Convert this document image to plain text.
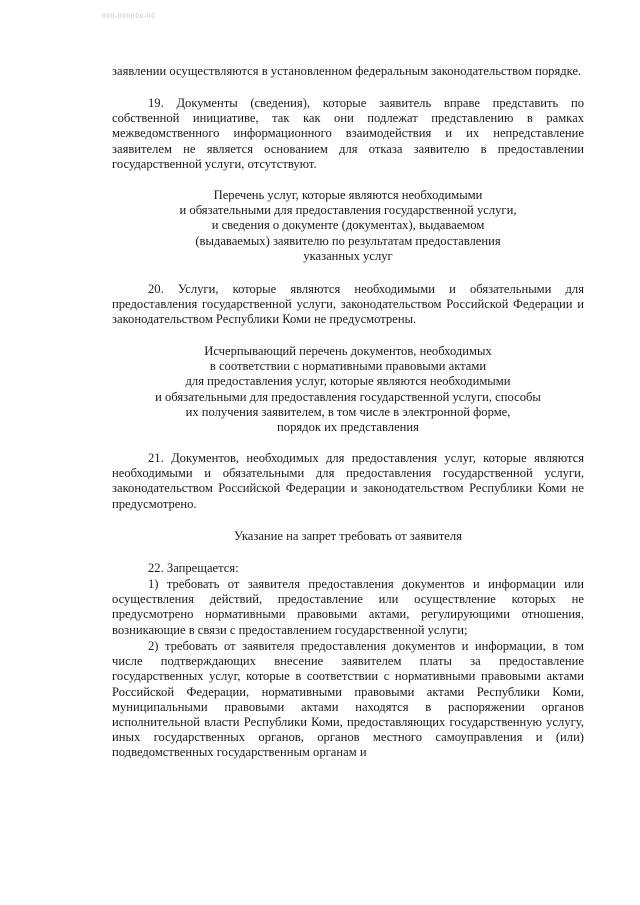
000-000000-00

заявлении осуществляются в установленном федеральным законодательством порядке.

19. Документы (сведения), которые заявитель вправе представить по собственной инициативе, так как они подлежат представлению в рамках межведомственного информационного взаимодействия и их непредставление заявителем не является основанием для отказа заявителю в предоставлении государственной услуги, отсутствуют.

Перечень услуг, которые являются необходимыми

и обязательными для предоставления государственной услуги,

и сведения о документе (документах), выдаваемом

(выдаваемых) заявителю по результатам предоставления

указанных услуг

20. Услуги, которые являются необходимыми и обязательными для предоставления государственной услуги, законодательством Российской Федерации и законодательством Республики Коми не предусмотрены.

Исчерпывающий перечень документов, необходимых

в соответствии с нормативными правовыми актами

для предоставления услуг, которые являются необходимыми

и обязательными для предоставления государственной услуги, способы

их получения заявителем, в том числе в электронной форме,

порядок их представления

21. Документов, необходимых для предоставления услуг, которые являются необходимыми и обязательными для предоставления государственной услуги, законодательством Российской Федерации и законодательством Республики Коми не предусмотрено.

Указание на запрет требовать от заявителя

22. Запрещается:

1) требовать от заявителя предоставления документов и информации или осуществления действий, предоставление или осуществление которых не предусмотрено нормативными правовыми актами, регулирующими отношения, возникающие в связи с предоставлением государственной услуги;

2) требовать от заявителя предоставления документов и информации, в том числе подтверждающих внесение заявителем платы за предоставление государственных услуг, которые в соответствии с нормативными правовыми актами Российской Федерации, нормативными правовыми актами Республики Коми, муниципальными правовыми актами находятся в распоряжении органов исполнительной власти Республики Коми, предоставляющих государственную услугу, иных государственных органов, органов местного самоуправления и (или) подведомственных государственным органам и
